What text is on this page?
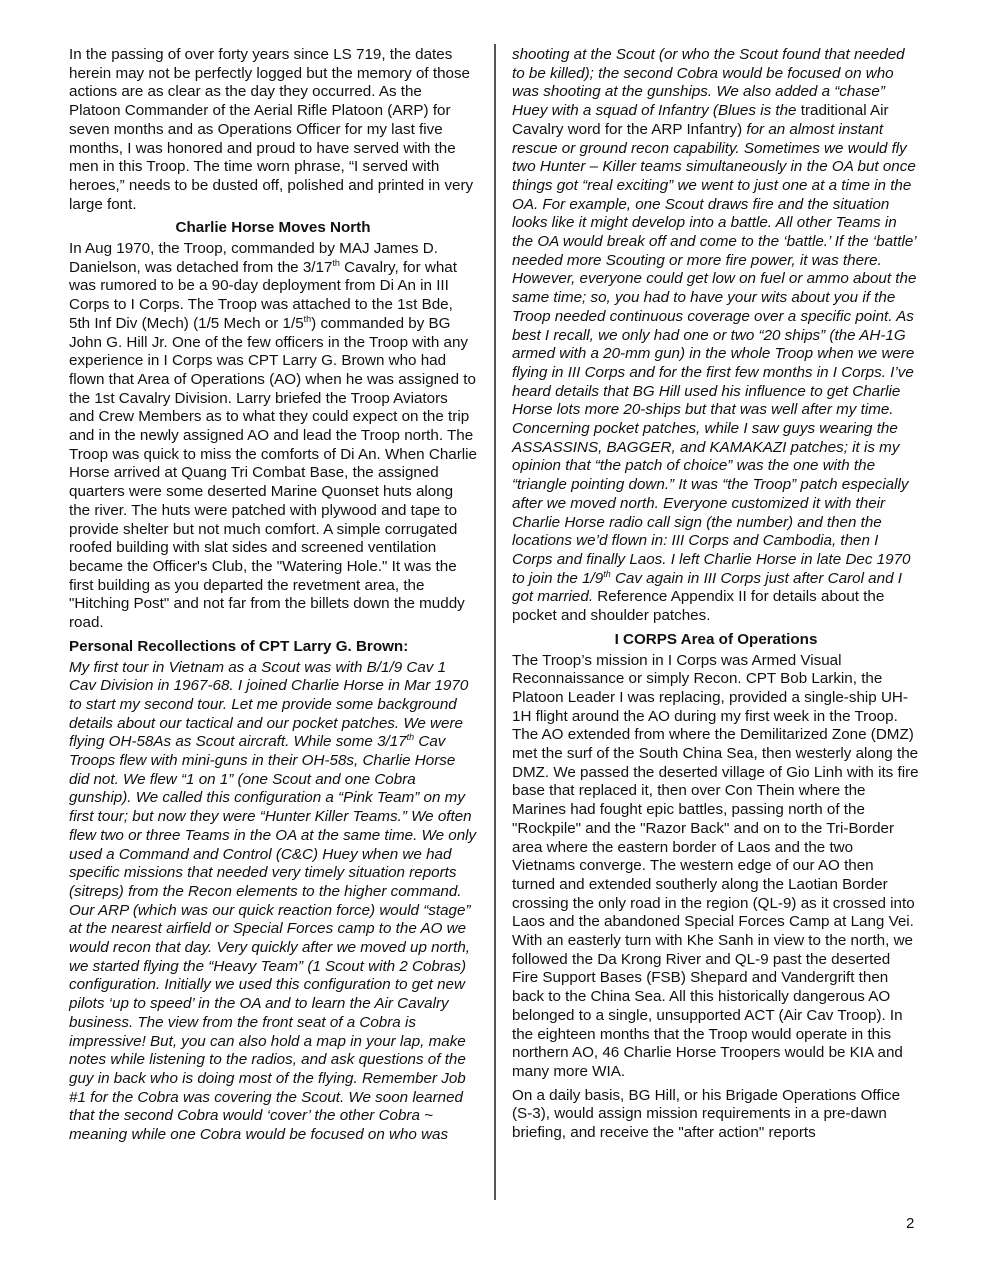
In the passing of over forty years since LS 719, the dates herein may not be perfectly logged but the memory of those actions are as clear as the day they occurred. As the Platoon Commander of the Aerial Rifle Platoon (ARP) for seven months and as Operations Officer for my last five months, I was honored and proud to have served with the men in this Troop. The time worn phrase, “I served with heroes,” needs to be dusted off, polished and printed in very large font.

Charlie Horse Moves North

In Aug 1970, the Troop, commanded by MAJ James D. Danielson, was detached from the 3/17th Cavalry, for what was rumored to be a 90-day deployment from Di An in III Corps to I Corps. The Troop was attached to the 1st Bde, 5th Inf Div (Mech) (1/5 Mech or 1/5th) commanded by BG John G. Hill Jr. One of the few officers in the Troop with any experience in I Corps was CPT Larry G. Brown who had flown that Area of Operations (AO) when he was assigned to the 1st Cavalry Division. Larry briefed the Troop Aviators and Crew Members as to what they could expect on the trip and in the newly assigned AO and lead the Troop north. The Troop was quick to miss the comforts of Di An. When Charlie Horse arrived at Quang Tri Combat Base, the assigned quarters were some deserted Marine Quonset huts along the river. The huts were patched with plywood and tape to provide shelter but not much comfort. A simple corrugated roofed building with slat sides and screened ventilation became the Officer's Club, the "Watering Hole." It was the first building as you departed the revetment area, the "Hitching Post" and not far from the billets down the muddy road.

Personal Recollections of CPT Larry G. Brown:

My first tour in Vietnam as a Scout was with B/1/9 Cav 1 Cav Division in 1967-68. I joined Charlie Horse in Mar 1970 to start my second tour. Let me provide some background details about our tactical and our pocket patches. We were flying OH-58As as Scout aircraft. While some 3/17th Cav Troops flew with mini-guns in their OH-58s, Charlie Horse did not. We flew “1 on 1” (one Scout and one Cobra gunship). We called this configuration a “Pink Team” on my first tour; but now they were “Hunter Killer Teams.” We often flew two or three Teams in the OA at the same time. We only used a Command and Control (C&C) Huey when we had specific missions that needed very timely situation reports (sitreps) from the Recon elements to the higher command. Our ARP (which was our quick reaction force) would “stage” at the nearest airfield or Special Forces camp to the AO we would recon that day. Very quickly after we moved up north, we started flying the “Heavy Team” (1 Scout with 2 Cobras) configuration. Initially we used this configuration to get new pilots ‘up to speed’ in the OA and to learn the Air Cavalry business. The view from the front seat of a Cobra is impressive! But, you can also hold a map in your lap, make notes while listening to the radios, and ask questions of the guy in back who is doing most of the flying. Remember Job #1 for the Cobra was covering the Scout. We soon learned that the second Cobra would ‘cover’ the other Cobra ~ meaning while one Cobra would be focused on who was

shooting at the Scout (or who the Scout found that needed to be killed); the second Cobra would be focused on who was shooting at the gunships. We also added a “chase” Huey with a squad of Infantry (Blues is the traditional Air Cavalry word for the ARP Infantry) for an almost instant rescue or ground recon capability. Sometimes we would fly two Hunter – Killer teams simultaneously in the OA but once things got “real exciting” we went to just one at a time in the OA. For example, one Scout draws fire and the situation looks like it might develop into a battle. All other Teams in the OA would break off and come to the ‘battle.’ If the ‘battle’ needed more Scouting or more fire power, it was there. However, everyone could get low on fuel or ammo about the same time; so, you had to have your wits about you if the Troop needed continuous coverage over a specific point. As best I recall, we only had one or two “20 ships” (the AH-1G armed with a 20-mm gun) in the whole Troop when we were flying in III Corps and for the first few months in I Corps. I’ve heard details that BG Hill used his influence to get Charlie Horse lots more 20-ships but that was well after my time. Concerning pocket patches, while I saw guys wearing the ASSASSINS, BAGGER, and KAMAKAZI patches; it is my opinion that “the patch of choice” was the one with the “triangle pointing down.” It was “the Troop” patch especially after we moved north. Everyone customized it with their Charlie Horse radio call sign (the number) and then the locations we’d flown in: III Corps and Cambodia, then I Corps and finally Laos. I left Charlie Horse in late Dec 1970 to join the 1/9th Cav again in III Corps just after Carol and I got married. Reference Appendix II for details about the pocket and shoulder patches.

I CORPS Area of Operations

The Troop’s mission in I Corps was Armed Visual Reconnaissance or simply Recon. CPT Bob Larkin, the Platoon Leader I was replacing, provided a single-ship UH-1H flight around the AO during my first week in the Troop. The AO extended from where the Demilitarized Zone (DMZ) met the surf of the South China Sea, then westerly along the DMZ. We passed the deserted village of Gio Linh with its fire base that replaced it, then over Con Thein where the Marines had fought epic battles, passing north of the "Rockpile" and the "Razor Back" and on to the Tri-Border area where the eastern border of Laos and the two Vietnams converge. The western edge of our AO then turned and extended southerly along the Laotian Border crossing the only road in the region (QL-9) as it crossed into Laos and the abandoned Special Forces Camp at Lang Vei. With an easterly turn with Khe Sanh in view to the north, we followed the Da Krong River and QL-9 past the deserted Fire Support Bases (FSB) Shepard and Vandergrift then back to the China Sea. All this historically dangerous AO belonged to a single, unsupported ACT (Air Cav Troop). In the eighteen months that the Troop would operate in this northern AO, 46 Charlie Horse Troopers would be KIA and many more WIA.

On a daily basis, BG Hill, or his Brigade Operations Office (S-3), would assign mission requirements in a pre-dawn briefing, and receive the "after action" reports

2
